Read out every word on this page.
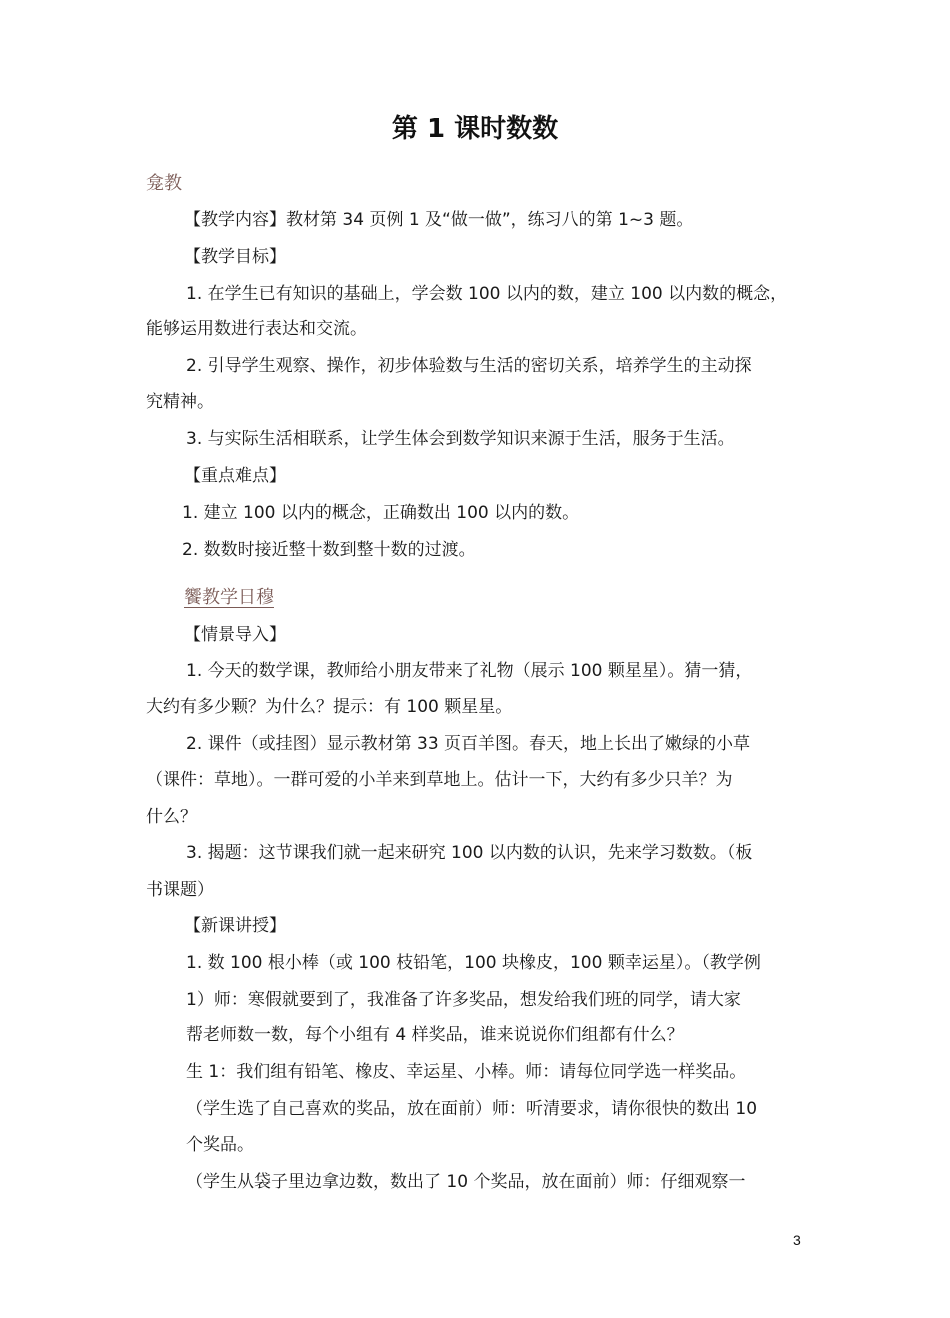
第 1 课时数数
龛教
【教学内容】教材第 34 页例 1 及“做一做”，练习八的第 1~3 题。
【教学目标】
1. 在学生已有知识的基础上，学会数 100 以内的数，建立 100 以内数的概念，
能够运用数进行表达和交流。
2. 引导学生观察、操作，初步体验数与生活的密切关系，培养学生的主动探
究精神。
3. 与实际生活相联系，让学生体会到数学知识来源于生活，服务于生活。
【重点难点】
1. 建立 100 以内的概念，正确数出 100 以内的数。
2. 数数时接近整十数到整十数的过渡。
饗教学日穆
【情景导入】
1. 今天的数学课，教师给小朋友带来了礼物（展示 100 颗星星）。猜一猜，
大约有多少颗？为什么？提示：有 100 颗星星。
2. 课件（或挂图）显示教材第 33 页百羊图。春天，地上长出了嫩绿的小草
（课件：草地）。一群可爱的小羊来到草地上。估计一下，大约有多少只羊？为
什么？
3. 揭题：这节课我们就一起来研究 100 以内数的认识，先来学习数数。（板
书课题）
【新课讲授】
1. 数 100 根小棒（或 100 枝铅笔，100 块橡皮，100 颗幸运星）。（教学例
1）师：寒假就要到了，我准备了许多奖品，想发给我们班的同学，请大家
帮老师数一数，每个小组有 4 样奖品，谁来说说你们组都有什么？
生 1：我们组有铅笔、橡皮、幸运星、小棒。师：请每位同学选一样奖品。
（学生选了自己喜欢的奖品，放在面前）师：听清要求，请你很快的数出 10
个奖品。
（学生从袋子里边拿边数，数出了 10 个奖品，放在面前）师：仔细观察一
3
